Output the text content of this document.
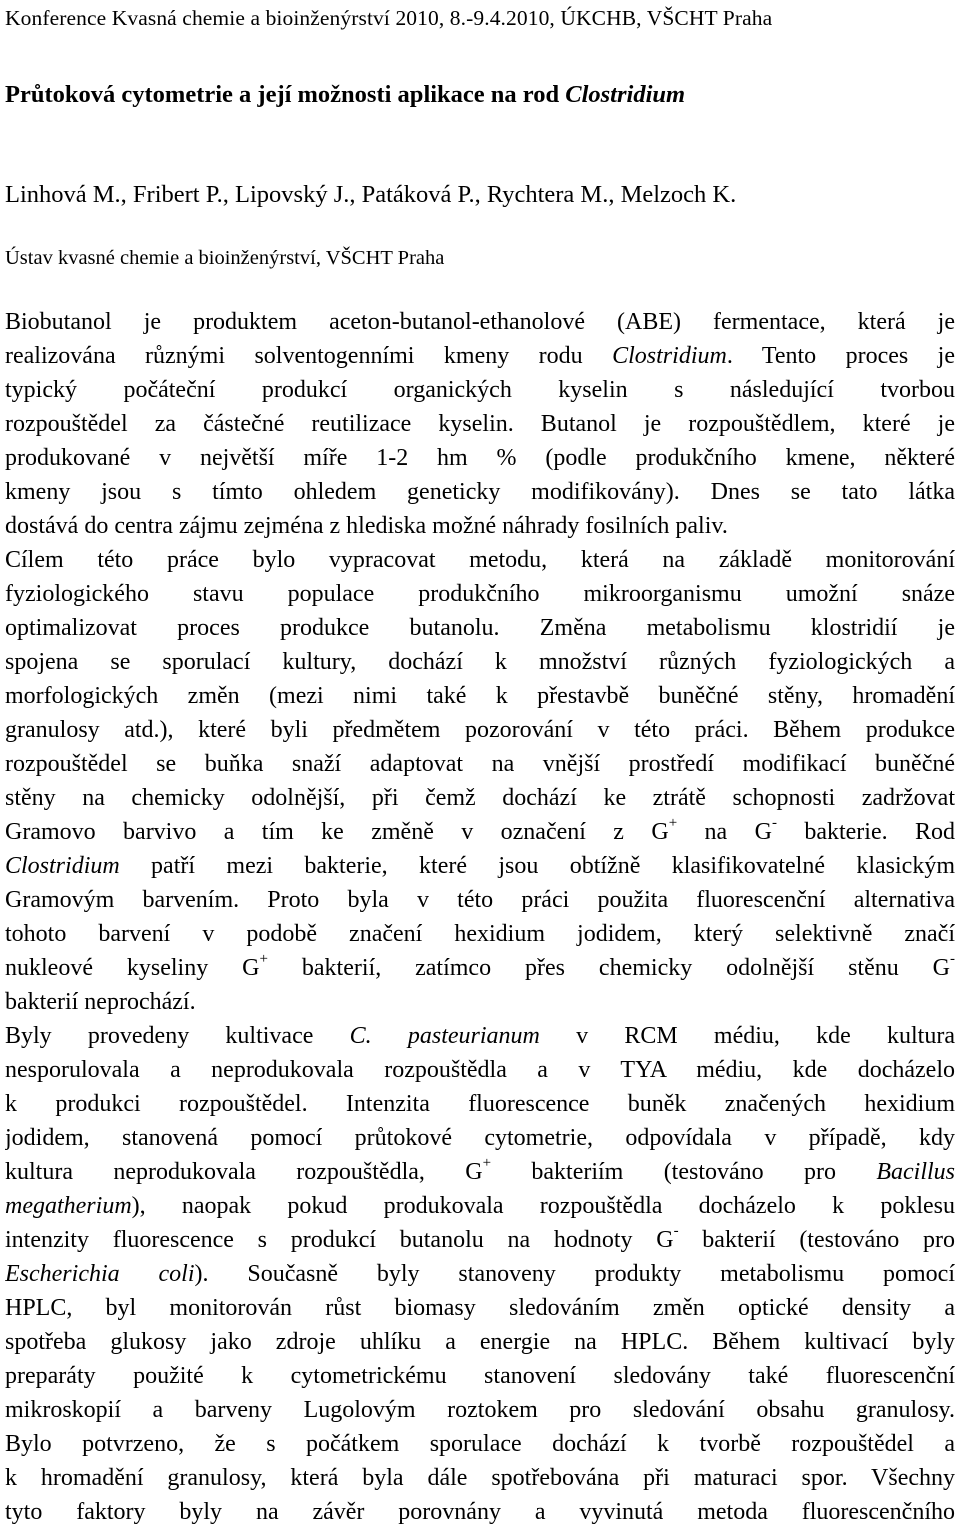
Konference Kvasná chemie a bioinženýrství 2010, 8.-9.4.2010, ÚKCHB, VŠCHT Praha
Průtoková cytometrie a její možnosti aplikace na rod Clostridium
Linhová M., Fribert P., Lipovský J., Patáková P., Rychtera M., Melzoch K.
Ústav kvasné chemie a bioinženýrství, VŠCHT Praha
Biobutanol je produktem aceton-butanol-ethanolové (ABE) fermentace, která je
realizována různými solventogenními kmeny rodu Clostridium. Tento proces je
typický počáteční produkcí organických kyselin s následující tvorbou
rozpouštědel za částečné reutilizace kyselin. Butanol je rozpouštědlem, které je
produkované v největší míře 1-2 hm % (podle produkčního kmene, některé
kmeny jsou s tímto ohledem geneticky modifikovány). Dnes se tato látka
dostává do centra zájmu zejména z hlediska možné náhrady fosilních paliv.
Cílem této práce bylo vypracovat metodu, která na základě monitorování
fyziologického stavu populace produkčního mikroorganismu umožní snáze
optimalizovat proces produkce butanolu. Změna metabolismu klostridií je
spojena se sporulací kultury, dochází k množství různých fyziologických a
morfologických změn (mezi nimi také k přestavbě buněčné stěny, hromadění
granulosy atd.), které byli předmětem pozorování v této práci. Během produkce
rozpouštědel se buňka snaží adaptovat na vnější prostředí modifikací buněčné
stěny na chemicky odolnější, při čemž dochází ke ztrátě schopnosti zadržovat
Gramovo barvivo a tím ke změně v označení z G+ na G- bakterie. Rod
Clostridium patří mezi bakterie, které jsou obtížně klasifikovatelné klasickým
Gramovým barvením. Proto byla v této práci použita fluorescenční alternativa
tohoto barvení v podobě značení hexidium jodidem, který selektivně značí
nukleové kyseliny G+ bakterií, zatímco přes chemicky odolnější stěnu G-
bakterií neprochází.
Byly provedeny kultivace C. pasteurianum v RCM médiu, kde kultura
nesporulovala a neprodukovala rozpouštědla a v TYA médiu, kde docházelo
k produkci rozpouštědel. Intenzita fluorescence buněk značených hexidium
jodidem, stanovená pomocí průtokové cytometrie, odpovídala v případě, kdy
kultura neprodukovala rozpouštědla, G+ bakteriím (testováno pro Bacillus
megatherium), naopak pokud produkovala rozpouštědla docházelo k poklesu
intenzity fluorescence s produkcí butanolu na hodnoty G- bakterií (testováno pro
Escherichia coli). Současně byly stanoveny produkty metabolismu pomocí
HPLC, byl monitorován růst biomasy sledováním změn optické density a
spotřeba glukosy jako zdroje uhlíku a energie na HPLC. Během kultivací byly
preparáty použité k cytometrickému stanovení sledovány také fluorescenční
mikroskopií a barveny Lugolovým roztokem pro sledování obsahu granulosy.
Bylo potvrzeno, že s počátkem sporulace dochází k tvorbě rozpouštědel a
k hromadění granulosy, která byla dále spotřebována při maturaci spor. Všechny
tyto faktory byly na závěr porovnány a vyvinutá metoda fluorescenčního
